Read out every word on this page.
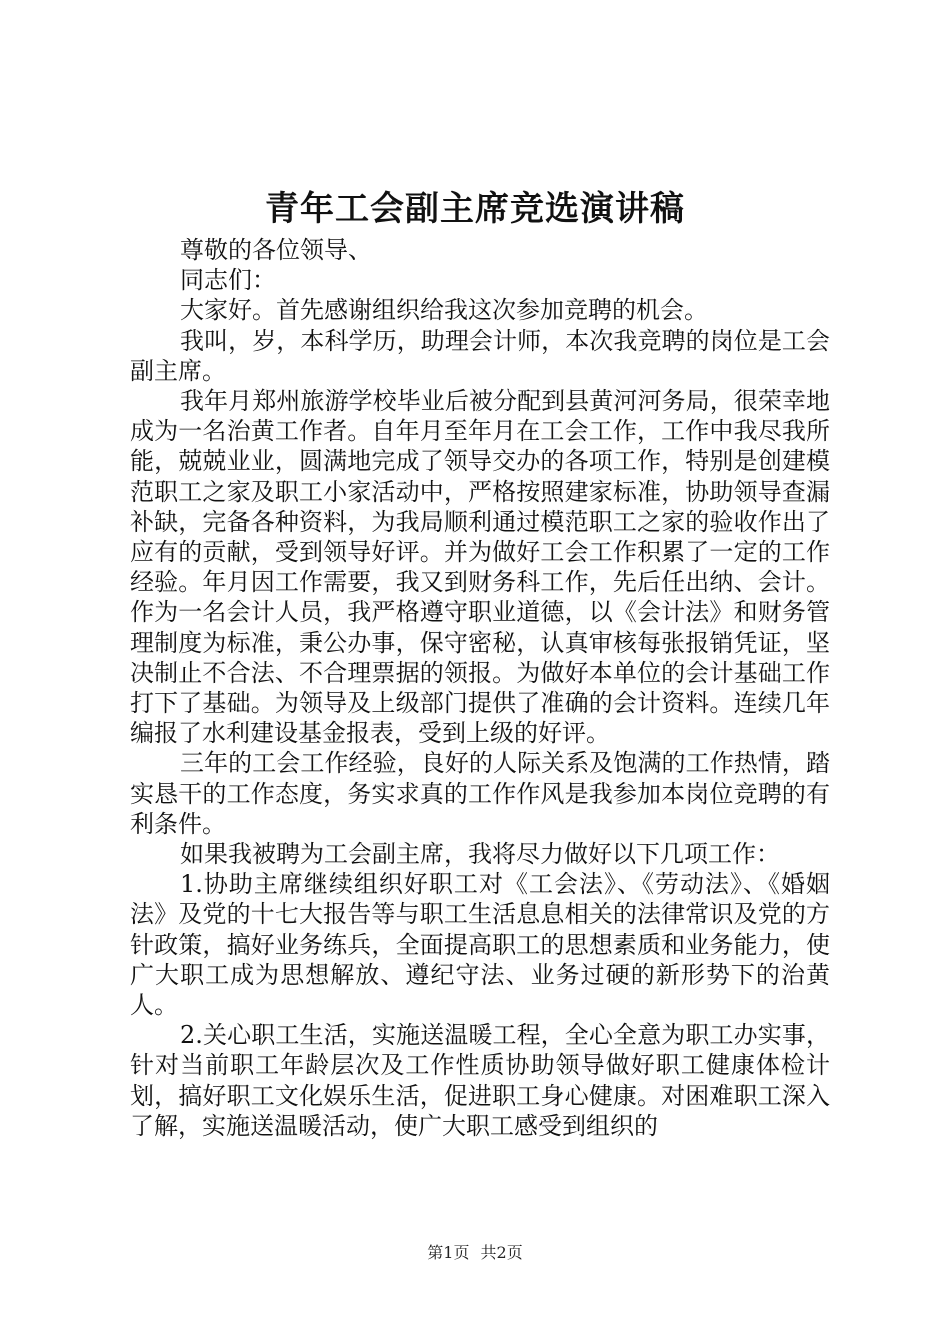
青年工会副主席竞选演讲稿

尊敬的各位领导、

同志们：

大家好。首先感谢组织给我这次参加竞聘的机会。

我叫，岁，本科学历，助理会计师，本次我竞聘的岗位是工会副主席。

我年月郑州旅游学校毕业后被分配到县黄河河务局，很荣幸地成为一名治黄工作者。自年月至年月在工会工作，工作中我尽我所能，兢兢业业，圆满地完成了领导交办的各项工作，特别是创建模范职工之家及职工小家活动中，严格按照建家标准，协助领导查漏补缺，完备各种资料，为我局顺利通过模范职工之家的验收作出了应有的贡献，受到领导好评。并为做好工会工作积累了一定的工作经验。年月因工作需要，我又到财务科工作，先后任出纳、会计。作为一名会计人员，我严格遵守职业道德，以《会计法》和财务管理制度为标准，秉公办事，保守密秘，认真审核每张报销凭证，坚决制止不合法、不合理票据的领报。为做好本单位的会计基础工作打下了基础。为领导及上级部门提供了准确的会计资料。连续几年编报了水利建设基金报表，受到上级的好评。

三年的工会工作经验，良好的人际关系及饱满的工作热情，踏实恳干的工作态度，务实求真的工作作风是我参加本岗位竞聘的有利条件。

如果我被聘为工会副主席，我将尽力做好以下几项工作：

1.协助主席继续组织好职工对《工会法》、《劳动法》、《婚姻法》及党的十七大报告等与职工生活息息相关的法律常识及党的方针政策，搞好业务练兵，全面提高职工的思想素质和业务能力，使广大职工成为思想解放、遵纪守法、业务过硬的新形势下的治黄人。

2.关心职工生活，实施送温暖工程，全心全意为职工办实事，针对当前职工年龄层次及工作性质协助领导做好职工健康体检计划，搞好职工文化娱乐生活，促进职工身心健康。对困难职工深入了解，实施送温暖活动，使广大职工感受到组织的

第1页 共2页
